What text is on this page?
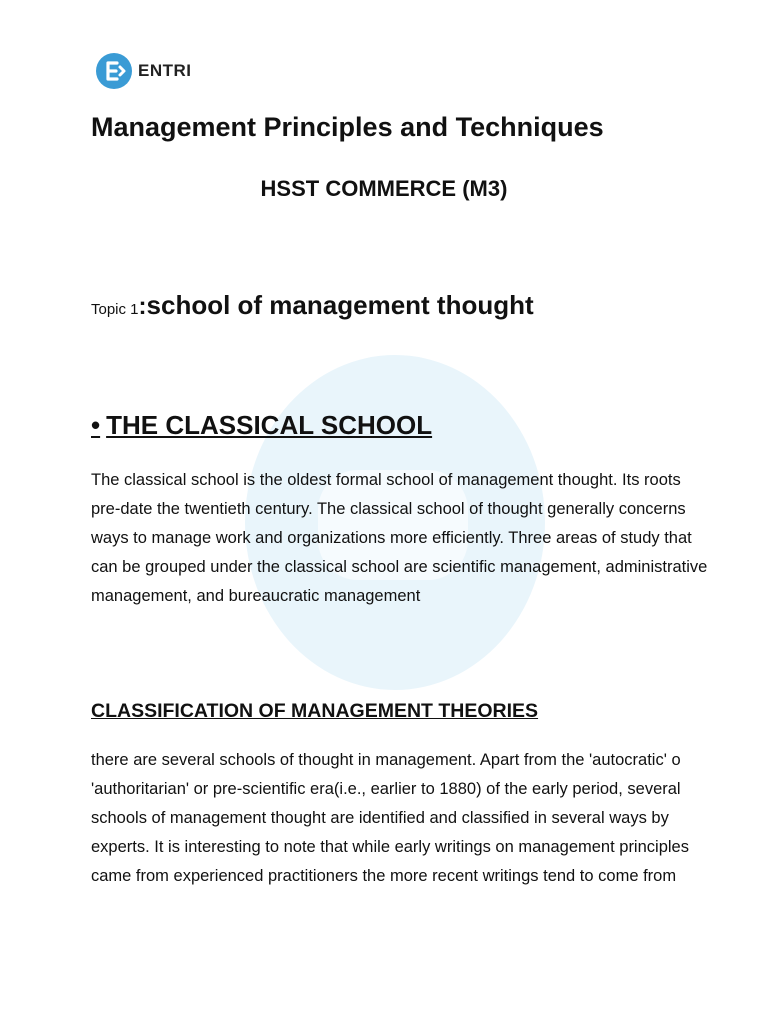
ENTRI
Management Principles and Techniques
HSST COMMERCE (M3)
Topic 1:school of management thought
• THE CLASSICAL SCHOOL

The classical school is the oldest formal school of management thought. Its roots pre-date the twentieth century. The classical school of thought generally concerns ways to manage work and organizations more efficiently. Three areas of study that can be grouped under the classical school are scientific management, administrative management, and bureaucratic management

CLASSIFICATION OF MANAGEMENT THEORIES

there are several schools of thought in management. Apart from the 'autocratic' o 'authoritarian' or pre-scientific era(i.e., earlier to 1880) of the early period, several schools of management thought are identified and classified in several ways by experts. It is interesting to note that while early writings on management principles came from experienced practitioners the more recent writings tend to come from
